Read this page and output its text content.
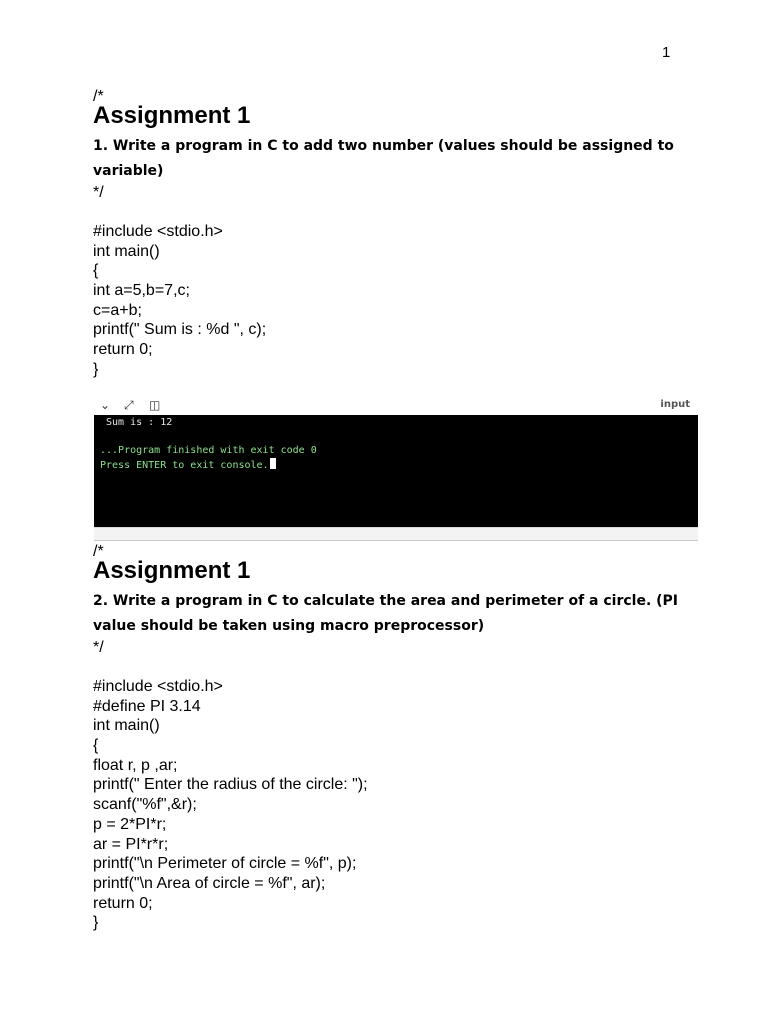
1
/*
Assignment 1
1. Write a program in C to add two number (values should be assigned to variable)
*/
#include <stdio.h>
int main()
{
int a=5,b=7,c;
c=a+b;
printf(" Sum is : %d ", c);
return 0;
}
⌄ ⤢ ◫	input
Sum is : 12
...Program finished with exit code 0
Press ENTER to exit console.
/*
Assignment 1
2. Write a program in C to calculate the area and perimeter of a circle. (PI value should be taken using macro preprocessor)
*/
#include <stdio.h>
#define PI 3.14
int main()
{
float r, p ,ar;
printf(" Enter the radius of the circle: ");
scanf("%f",&r);
p = 2*PI*r;
ar = PI*r*r;
printf("\n Perimeter of circle = %f", p);
printf("\n Area of circle = %f", ar);
return 0;
}
